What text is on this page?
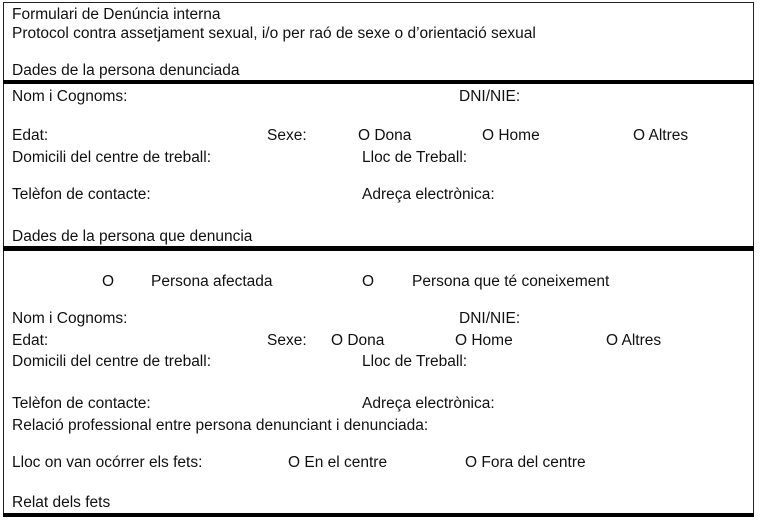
Formulari de Denúncia interna
Protocol contra assetjament sexual, i/o per raó de sexe o d’orientació sexual
Dades de la persona denunciada
Nom i Cognoms:	DNI/NIE:
Edat:	Sexe:	O Dona	O Home	O Altres
Domicili del centre de treball:	Lloc de Treball:
Telèfon de contacte:	Adreça electrònica:
Dades de la persona que denuncia
O Persona afectada	O Persona que té coneixement
Nom i Cognoms:	DNI/NIE:
Edat:	Sexe: O Dona	O Home	O Altres
Domicili del centre de treball:	Lloc de Treball:
Telèfon de contacte:	Adreça electrònica:
Relació professional entre persona denunciant i denunciada:
Lloc on van ocórrer els fets:	O En el centre	O Fora del centre
Relat dels fets
